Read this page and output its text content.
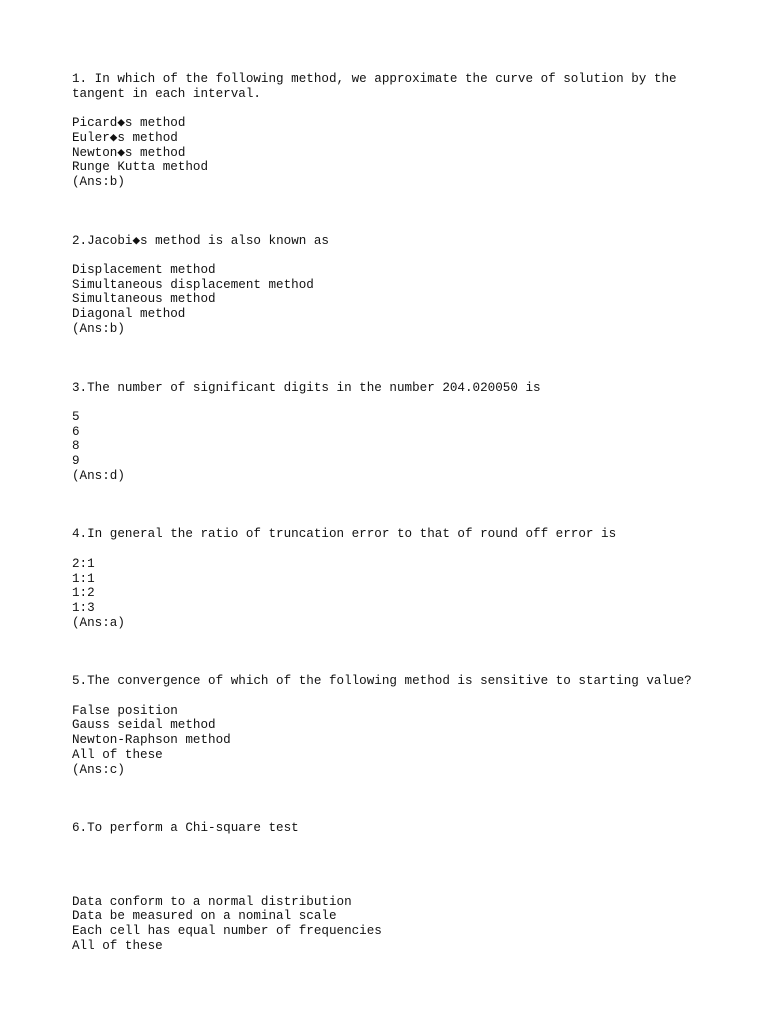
1. In which of the following method, we approximate the curve of solution by the tangent in each interval.
Picard◆s method
Euler◆s method
Newton◆s method
Runge Kutta method
(Ans:b)
2.Jacobi◆s method is also known as
Displacement method
Simultaneous displacement method
Simultaneous method
Diagonal method
(Ans:b)
3.The number of significant digits in the number 204.020050 is
5
6
8
9
(Ans:d)
4.In general the ratio of truncation error to that of round off error is
2:1
1:1
1:2
1:3
(Ans:a)
5.The convergence of which of the following method is sensitive to starting value?
False position
Gauss seidal method
Newton-Raphson method
All of these
(Ans:c)
6.To perform a Chi-square test
Data conform to a normal distribution
Data be measured on a nominal scale
Each cell has equal number of frequencies
All of these
